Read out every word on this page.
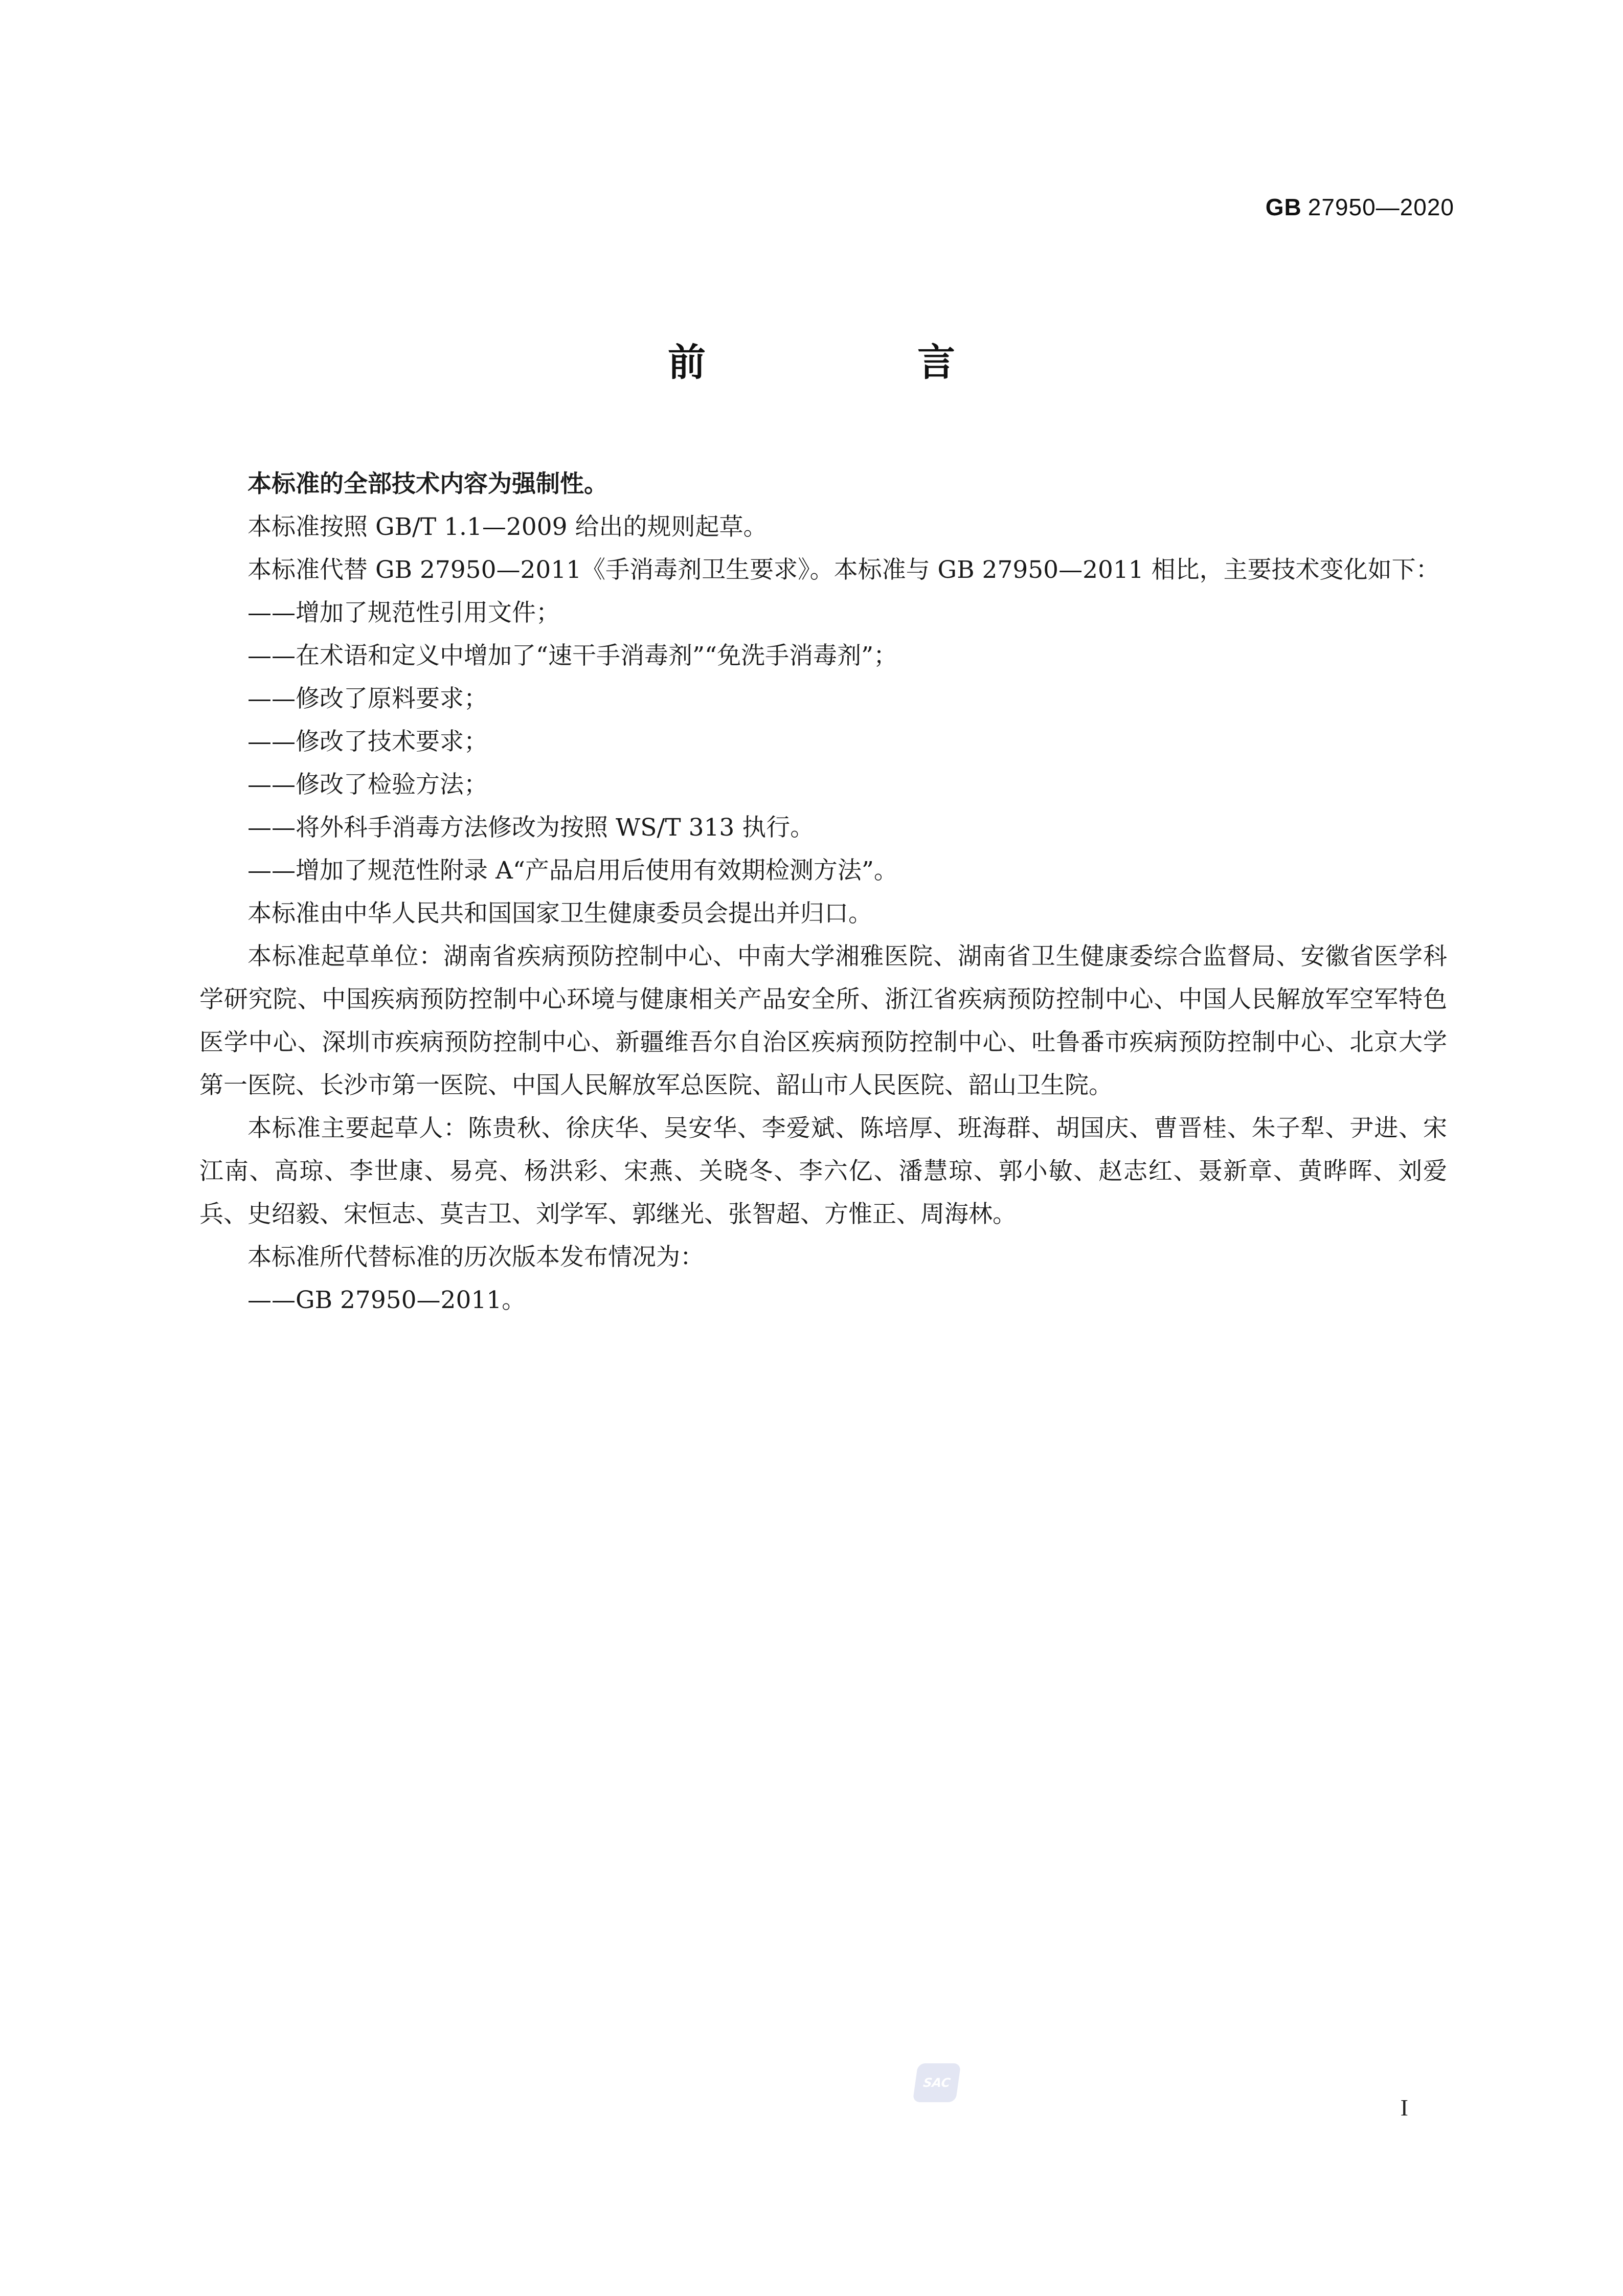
GB 27950—2020
前　言

本标准的全部技术内容为强制性。

本标准按照 GB/T 1.1—2009 给出的规则起草。

本标准代替 GB 27950—2011《手消毒剂卫生要求》。本标准与 GB 27950—2011 相比，主要技术变化如下：

——增加了规范性引用文件；

——在术语和定义中增加了“速干手消毒剂”“免洗手消毒剂”；

——修改了原料要求；

——修改了技术要求；

——修改了检验方法；

——将外科手消毒方法修改为按照 WS/T 313 执行。

——增加了规范性附录 A“产品启用后使用有效期检测方法”。

本标准由中华人民共和国国家卫生健康委员会提出并归口。

本标准起草单位：湖南省疾病预防控制中心、中南大学湘雅医院、湖南省卫生健康委综合监督局、安徽省医学科学研究院、中国疾病预防控制中心环境与健康相关产品安全所、浙江省疾病预防控制中心、中国人民解放军空军特色医学中心、深圳市疾病预防控制中心、新疆维吾尔自治区疾病预防控制中心、吐鲁番市疾病预防控制中心、北京大学第一医院、长沙市第一医院、中国人民解放军总医院、韶山市人民医院、韶山卫生院。

本标准主要起草人：陈贵秋、徐庆华、吴安华、李爱斌、陈培厚、班海群、胡国庆、曹晋桂、朱子犁、尹进、宋江南、高琼、李世康、易亮、杨洪彩、宋燕、关晓冬、李六亿、潘慧琼、郭小敏、赵志红、聂新章、黄晔晖、刘爱兵、史绍毅、宋恒志、莫吉卫、刘学军、郭继光、张智超、方惟正、周海林。

本标准所代替标准的历次版本发布情况为：

——GB 27950—2011。

SAC
I
